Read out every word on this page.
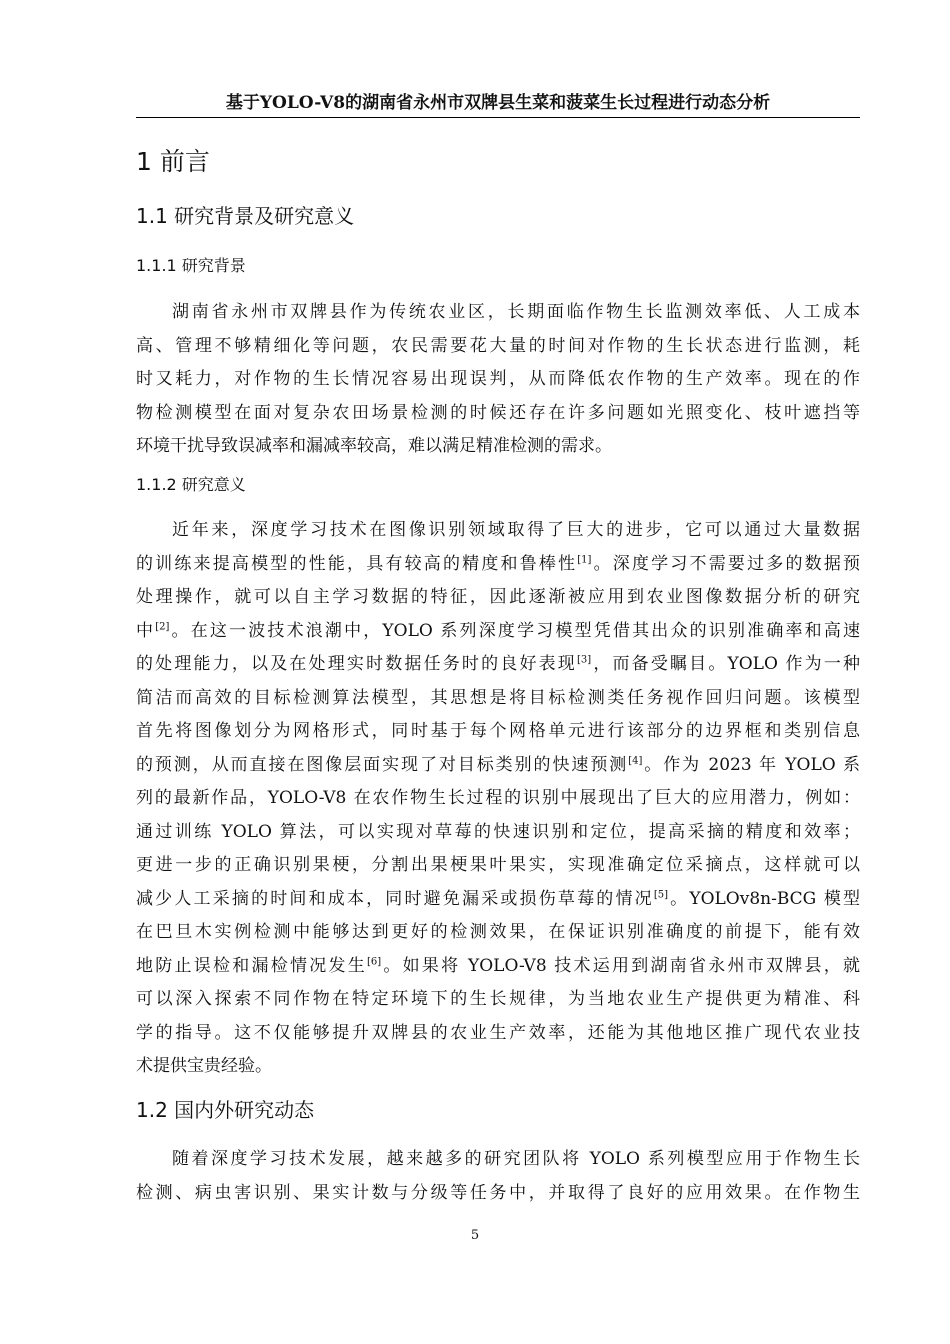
基于YOLO-V8的湖南省永州市双牌县生菜和菠菜生长过程进行动态分析
1 前言
1.1 研究背景及研究意义
1.1.1 研究背景
湖南省永州市双牌县作为传统农业区，长期面临作物生长监测效率低、人工成本
高、管理不够精细化等问题，农民需要花大量的时间对作物的生长状态进行监测，耗
时又耗力，对作物的生长情况容易出现误判，从而降低农作物的生产效率。现在的作
物检测模型在面对复杂农田场景检测的时候还存在许多问题如光照变化、枝叶遮挡等
环境干扰导致误减率和漏减率较高，难以满足精准检测的需求。
1.1.2 研究意义
近年来，深度学习技术在图像识别领域取得了巨大的进步，它可以通过大量数据
的训练来提高模型的性能，具有较高的精度和鲁棒性[1]。深度学习不需要过多的数据预
处理操作，就可以自主学习数据的特征，因此逐渐被应用到农业图像数据分析的研究
中[2]。在这一波技术浪潮中，YOLO 系列深度学习模型凭借其出众的识别准确率和高速
的处理能力，以及在处理实时数据任务时的良好表现[3]，而备受瞩目。YOLO 作为一种
简洁而高效的目标检测算法模型，其思想是将目标检测类任务视作回归问题。该模型
首先将图像划分为网格形式，同时基于每个网格单元进行该部分的边界框和类别信息
的预测，从而直接在图像层面实现了对目标类别的快速预测[4]。作为 2023 年 YOLO 系
列的最新作品，YOLO-V8 在农作物生长过程的识别中展现出了巨大的应用潜力，例如：
通过训练 YOLO 算法，可以实现对草莓的快速识别和定位，提高采摘的精度和效率；
更进一步的正确识别果梗，分割出果梗果叶果实，实现准确定位采摘点，这样就可以
减少人工采摘的时间和成本，同时避免漏采或损伤草莓的情况[5]。YOLOv8n-BCG 模型
在巴旦木实例检测中能够达到更好的检测效果，在保证识别准确度的前提下，能有效
地防止误检和漏检情况发生[6]。如果将 YOLO-V8 技术运用到湖南省永州市双牌县，就
可以深入探索不同作物在特定环境下的生长规律，为当地农业生产提供更为精准、科
学的指导。这不仅能够提升双牌县的农业生产效率，还能为其他地区推广现代农业技
术提供宝贵经验。
1.2 国内外研究动态
随着深度学习技术发展，越来越多的研究团队将 YOLO 系列模型应用于作物生长
检测、病虫害识别、果实计数与分级等任务中，并取得了良好的应用效果。在作物生
5
